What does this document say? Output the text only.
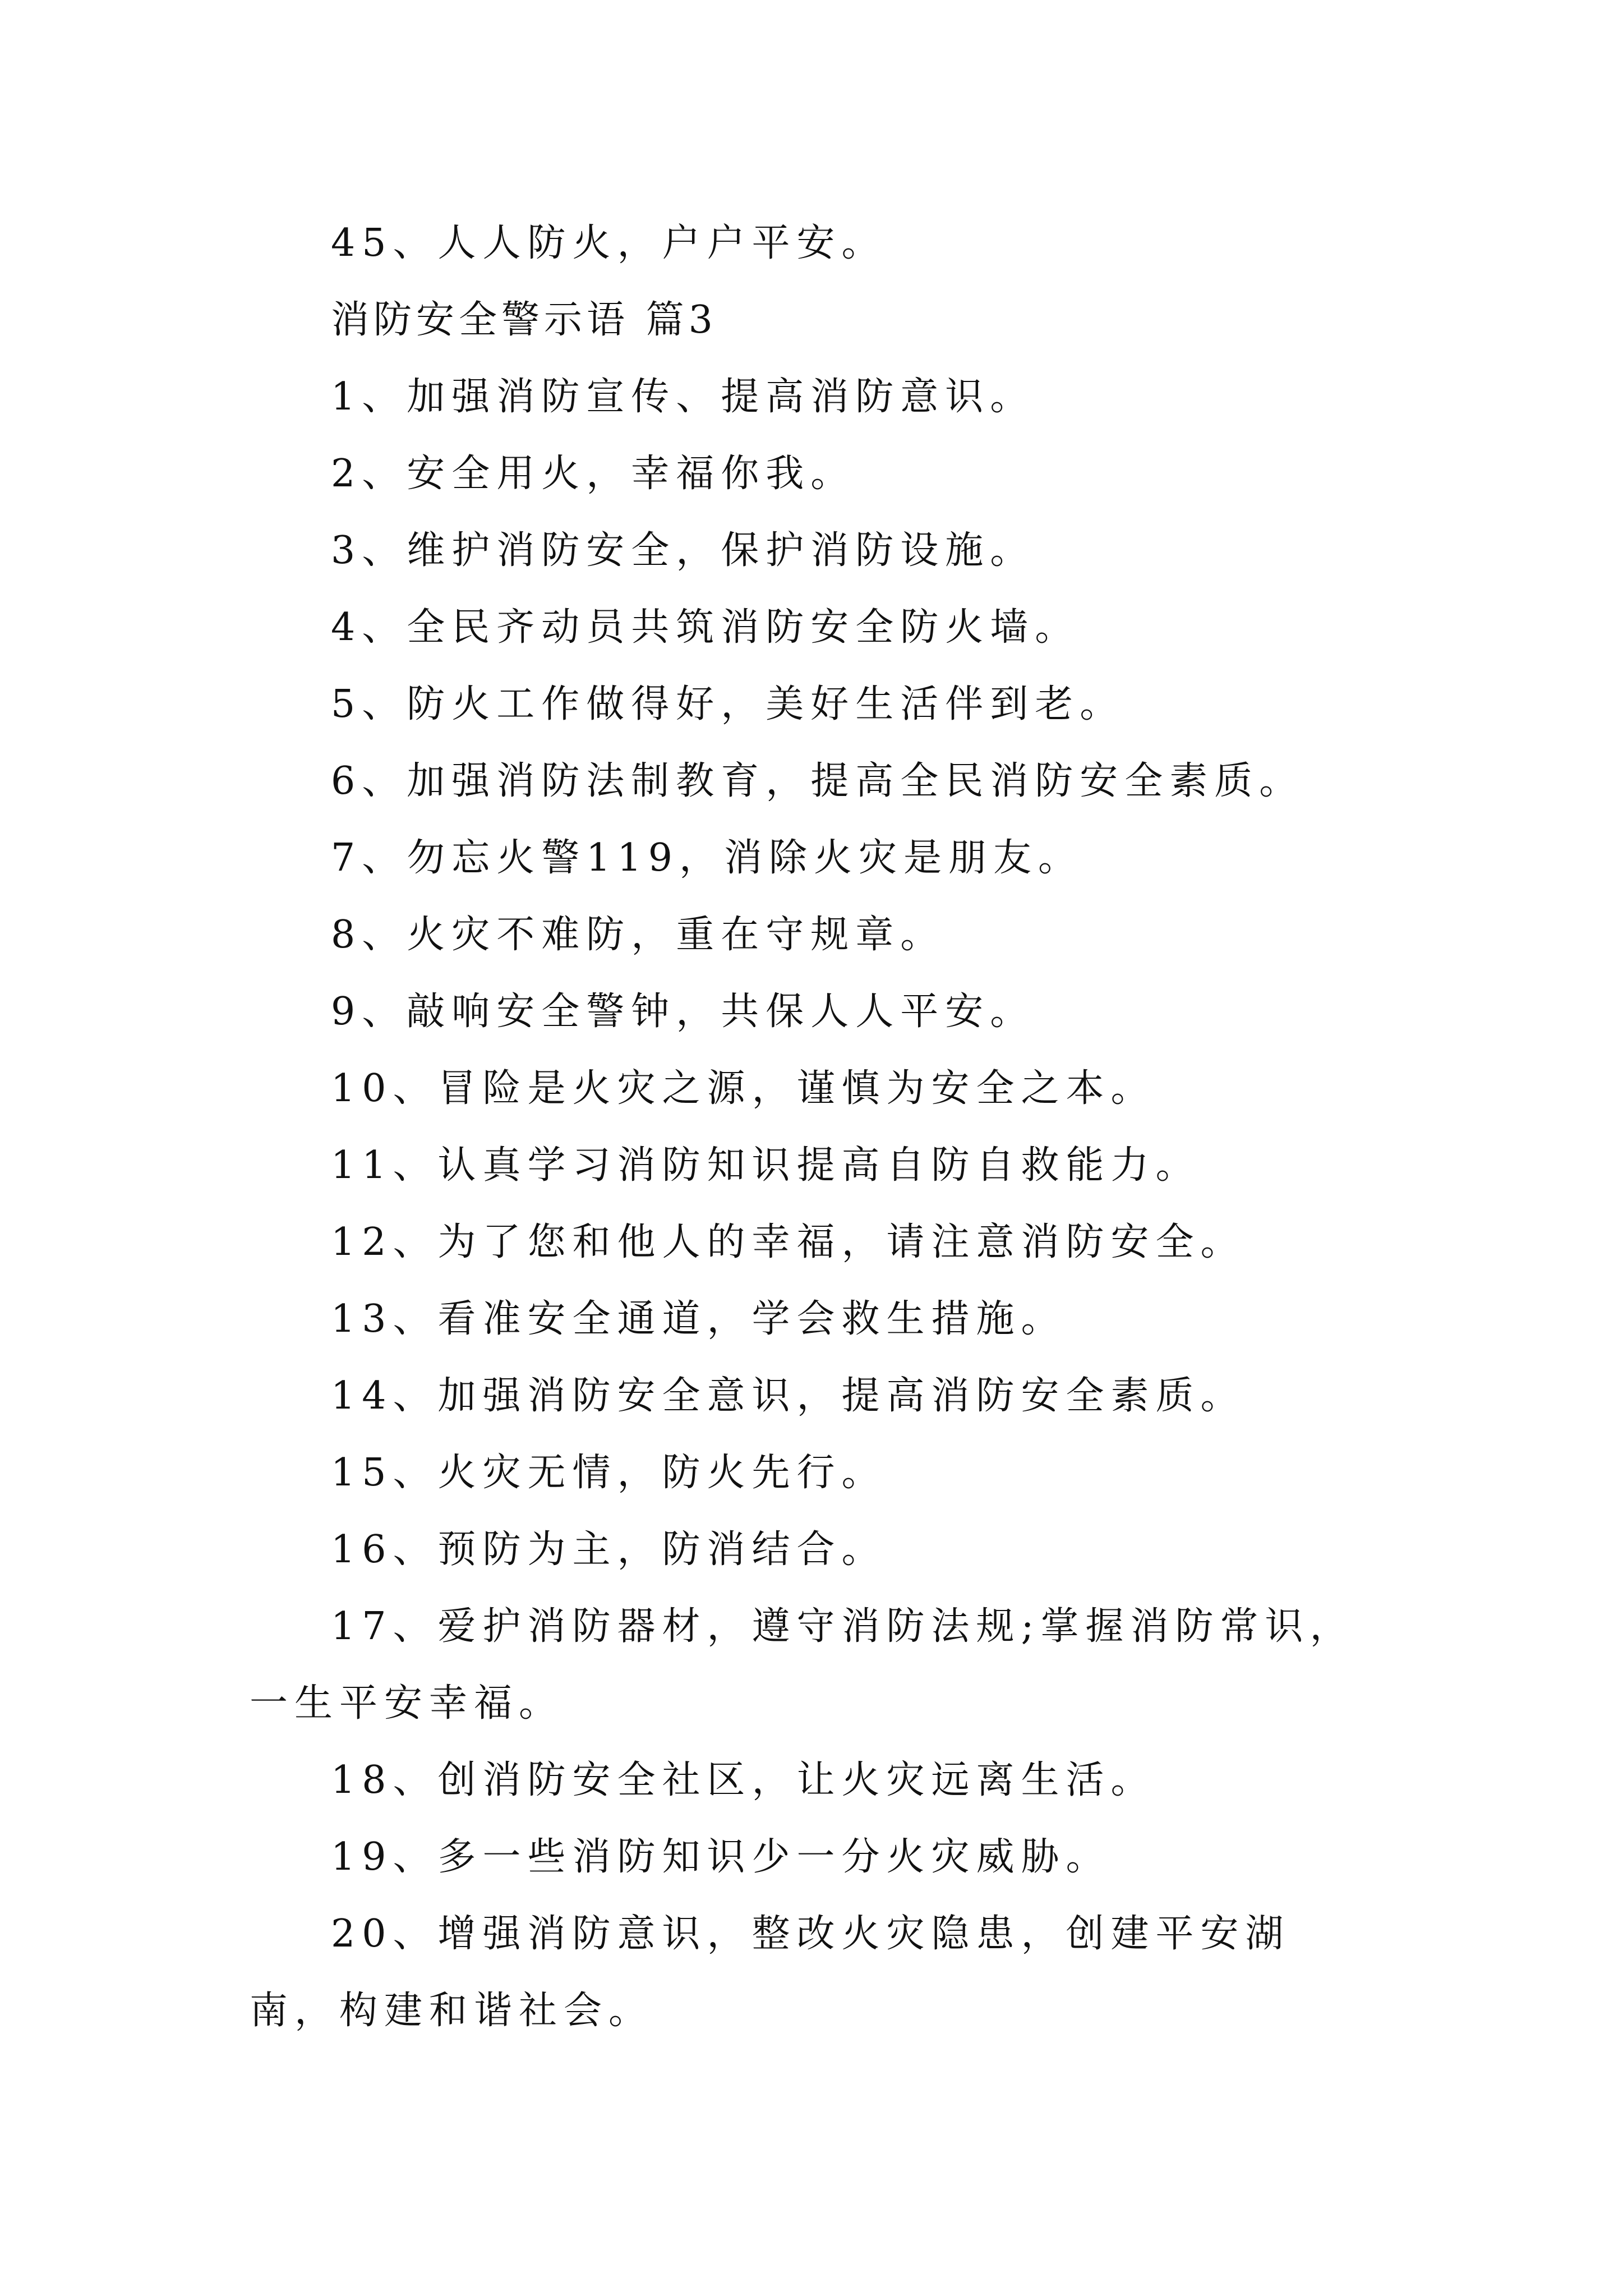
45、人人防火，户户平安。

消防安全警示语 篇3

1、加强消防宣传、提高消防意识。

2、安全用火，幸福你我。

3、维护消防安全，保护消防设施。

4、全民齐动员共筑消防安全防火墙。

5、防火工作做得好，美好生活伴到老。

6、加强消防法制教育，提高全民消防安全素质。

7、勿忘火警119，消除火灾是朋友。

8、火灾不难防，重在守规章。

9、敲响安全警钟，共保人人平安。

10、冒险是火灾之源，谨慎为安全之本。

11、认真学习消防知识提高自防自救能力。

12、为了您和他人的幸福，请注意消防安全。

13、看准安全通道，学会救生措施。

14、加强消防安全意识，提高消防安全素质。

15、火灾无情，防火先行。

16、预防为主，防消结合。

17、爱护消防器材，遵守消防法规;掌握消防常识，一生平安幸福。

18、创消防安全社区，让火灾远离生活。

19、多一些消防知识少一分火灾威胁。

20、增强消防意识，整改火灾隐患，创建平安湖南，构建和谐社会。
